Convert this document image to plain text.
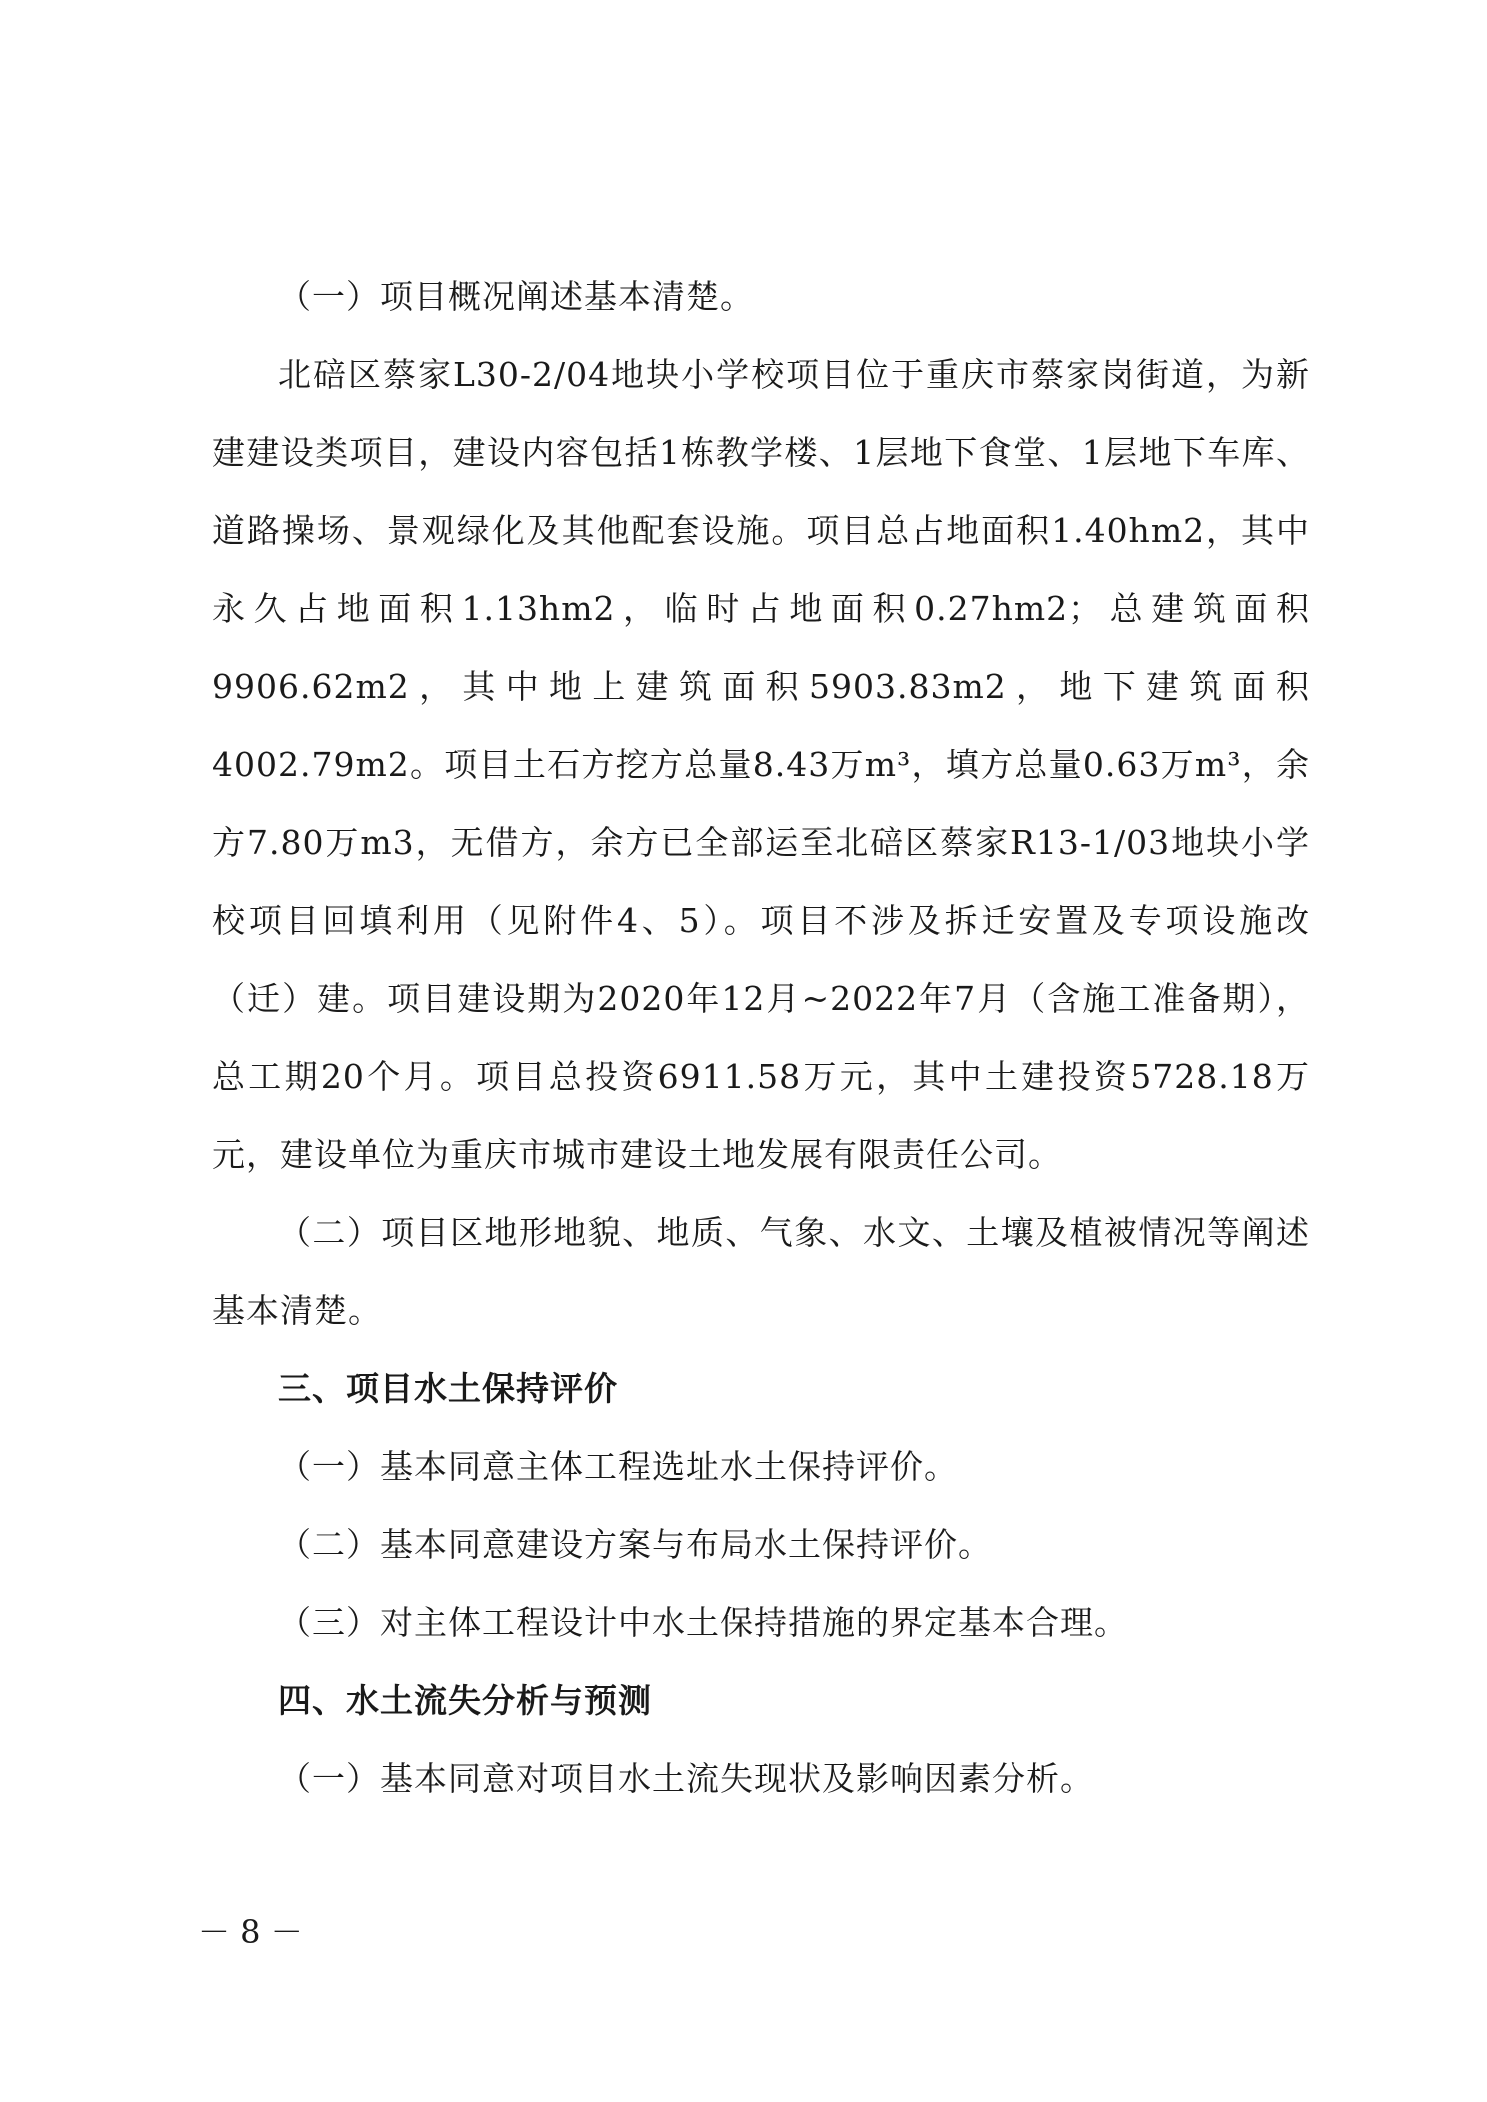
（一）项目概况阐述基本清楚。

北碚区蔡家L30-2/04地块小学校项目位于重庆市蔡家岗街道，为新建建设类项目，建设内容包括1栋教学楼、1层地下食堂、1层地下车库、道路操场、景观绿化及其他配套设施。项目总占地面积1.40hm2，其中永久占地面积1.13hm2，临时占地面积0.27hm2；总建筑面积9906.62m2，其中地上建筑面积5903.83m2，地下建筑面积4002.79m2。项目土石方挖方总量8.43万m³，填方总量0.63万m³，余方7.80万m3，无借方，余方已全部运至北碚区蔡家R13-1/03地块小学校项目回填利用（见附件4、5）。项目不涉及拆迁安置及专项设施改（迁）建。项目建设期为2020年12月~2022年7月（含施工准备期），总工期20个月。项目总投资6911.58万元，其中土建投资5728.18万元，建设单位为重庆市城市建设土地发展有限责任公司。

（二）项目区地形地貌、地质、气象、水文、土壤及植被情况等阐述基本清楚。

三、项目水土保持评价

（一）基本同意主体工程选址水土保持评价。

（二）基本同意建设方案与布局水土保持评价。

（三）对主体工程设计中水土保持措施的界定基本合理。

四、水土流失分析与预测

（一）基本同意对项目水土流失现状及影响因素分析。

－ 8 －
